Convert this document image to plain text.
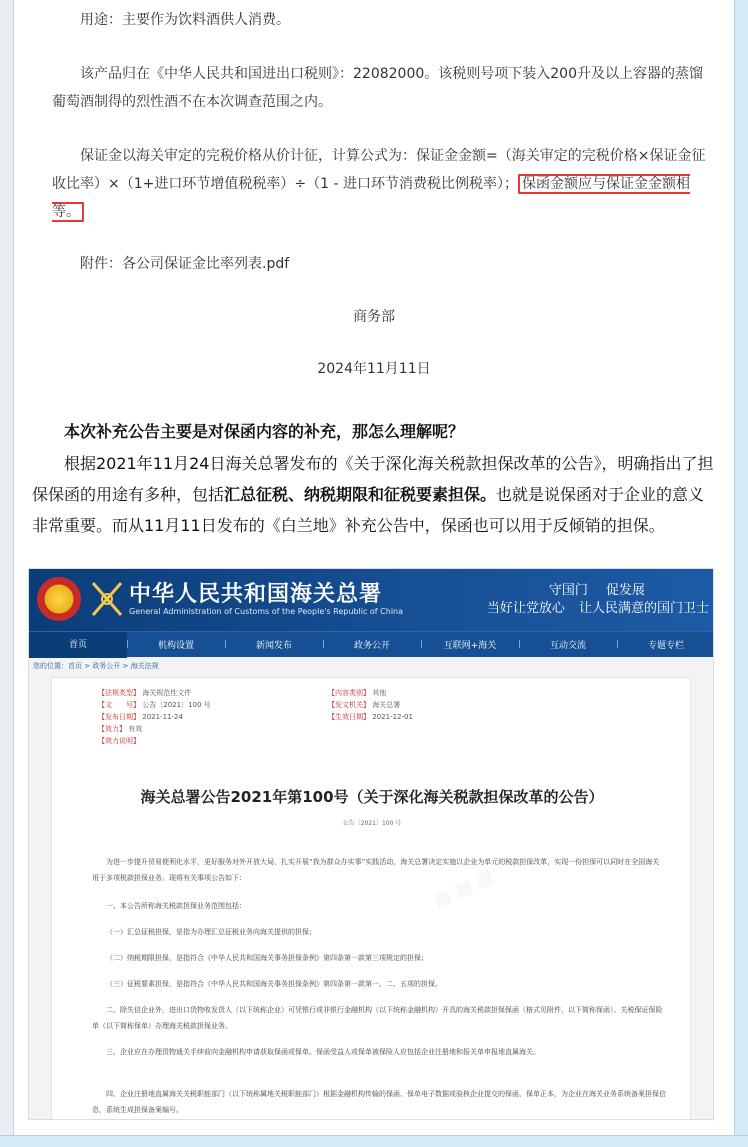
用途：主要作为饮料酒供人消费。

该产品归在《中华人民共和国进出口税则》：22082000。该税则号项下装入200升及以上容器的蒸馏葡萄酒制得的烈性酒不在本次调查范围之内。

保证金以海关审定的完税价格从价计征，计算公式为：保证金金额=（海关审定的完税价格×保证金征收比率）×（1+进口环节增值税税率）÷（1 - 进口环节消费税比例税率）； 保函金额应与保证金金额相等。

附件：各公司保证金比率列表.pdf

商务部

2024年11月11日

本次补充公告主要是对保函内容的补充，那怎么理解呢？

根据2021年11月24日海关总署发布的《关于深化海关税款担保改革的公告》，明确指出了担保保函的用途有多种，包括汇总征税、纳税期限和征税要素担保。也就是说保函对于企业的意义非常重要。而从11月11日发布的《白兰地》补充公告中，保函也可以用于反倾销的担保。

中华人民共和国海关总署
General Administration of Customs of the People's Republic of China
守国门 促发展
当好让党放心 让人民满意的国门卫士
首页	机构设置	新闻发布	政务公开	互联网+海关	互动交流	专题专栏
您的位置：首页 > 政务公开 > 海关法规
【法规类型】 海关规范性文件	【内容类别】 其他
【文　　号】 公告〔2021〕100 号	【发文机关】 海关总署
【发布日期】 2021-11-24	【生效日期】 2021-12-01
【效力】 有效
【效力说明】
海关总署公告2021年第100号（关于深化海关税款担保改革的公告）
公告〔2021〕100 号

为进一步提升贸易便利化水平，更好服务对外开放大局，扎实开展“我为群众办实事”实践活动，海关总署决定实施以企业为单元的税款担保改革，实现一份担保可以同时在全国海关用于多项税款担保业务。现将有关事项公告如下：

一、本公告所称海关税款担保业务范围包括：

（一）汇总征税担保，是指为办理汇总征税业务向海关提供的担保；

（二）纳税期限担保，是指符合《中华人民共和国海关事务担保条例》第四条第一款第三项规定的担保；

（三）征税要素担保，是指符合《中华人民共和国海关事务担保条例》第四条第一款第一、二、五项的担保。

二、除失信企业外，进出口货物收发货人（以下统称企业）可凭银行或非银行金融机构（以下统称金融机构）开具的海关税款担保保函（格式见附件，以下简称保函）、关税保证保险单（以下简称保单）办理海关税款担保业务。

三、企业应在办理货物通关手续前向金融机构申请获取保函或保单。保函受益人或保单被保险人应包括企业注册地和报关单申报地直属海关。

四、企业注册地直属海关关税职能部门（以下统称属地关税职能部门）根据金融机构传输的保函、保单电子数据或验核企业提交的保函、保单正本，为企业在海关业务系统备案担保信息，系统生成担保备案编号。

▦ ▦ ▦
